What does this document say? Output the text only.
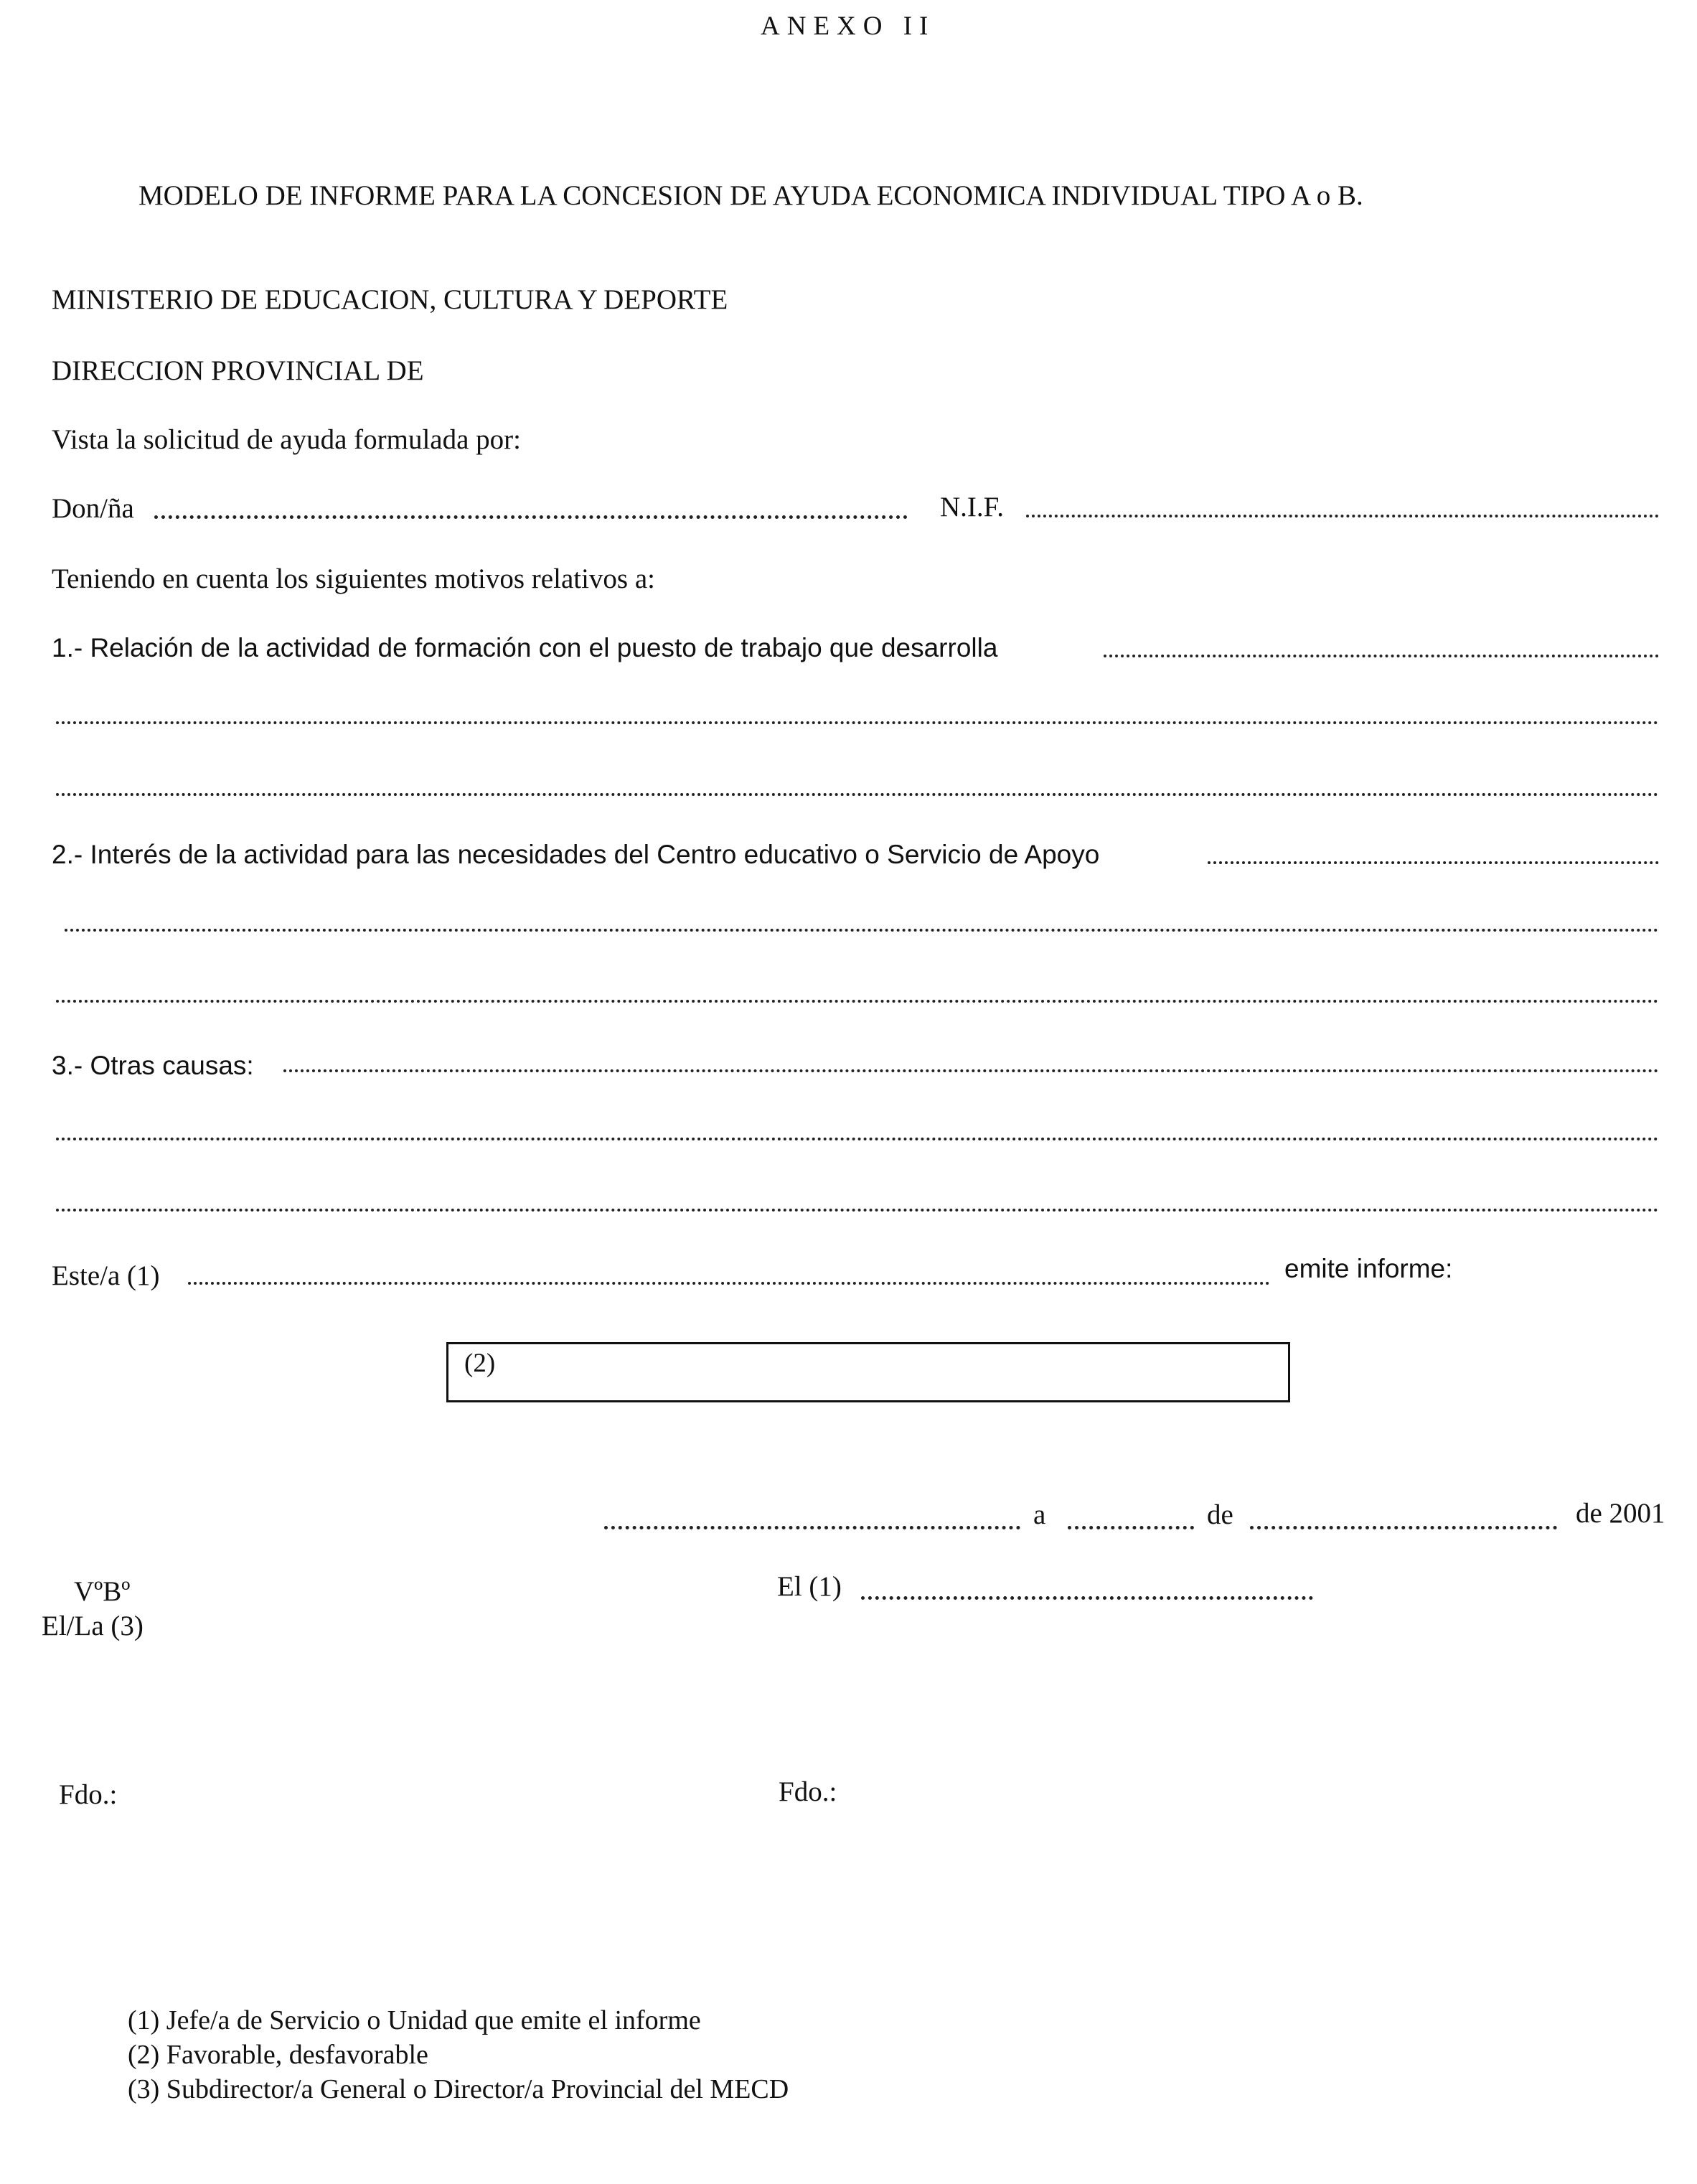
ANEXO II
MODELO DE INFORME PARA LA CONCESION DE AYUDA ECONOMICA INDIVIDUAL TIPO A o B.
MINISTERIO DE EDUCACION, CULTURA Y DEPORTE
DIRECCION PROVINCIAL DE
Vista la solicitud de ayuda formulada por:
Don/ña	N.I.F.
Teniendo en cuenta los siguientes motivos relativos a:
1.- Relación de la actividad de formación con el puesto de trabajo que desarrolla
2.- Interés de la actividad para las necesidades del Centro educativo o Servicio de Apoyo
3.- Otras causas:
Este/a (1)	emite informe:
(2)
a	de	de 2001
VºBº
El/La (3)
El (1)
Fdo.:	Fdo.:
(1) Jefe/a de Servicio o Unidad que emite el informe
(2) Favorable, desfavorable
(3) Subdirector/a General o Director/a Provincial del MECD
